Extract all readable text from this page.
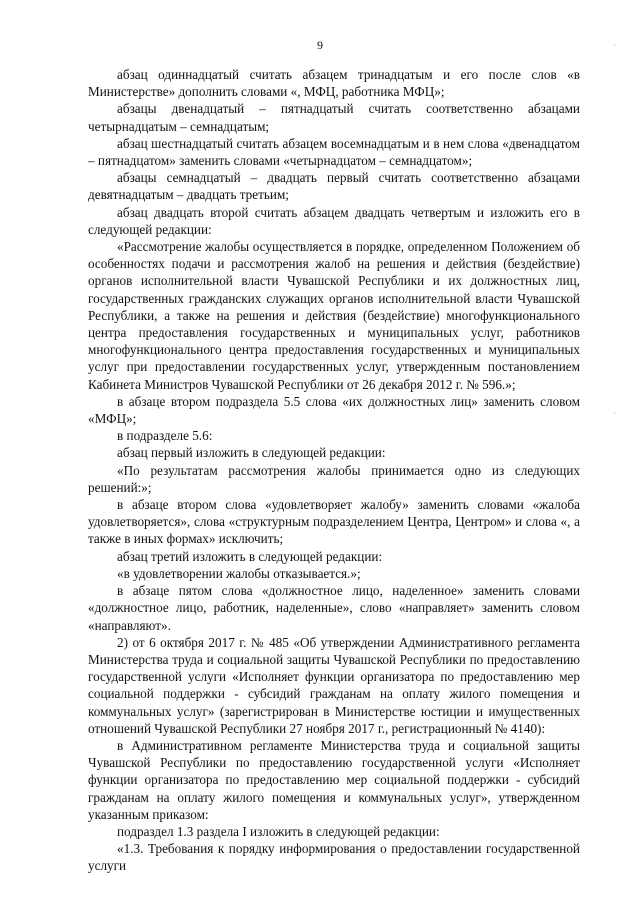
9	·
·

абзац одиннадцатый считать абзацем тринадцатым и его после слов «в Министерстве» дополнить словами «, МФЦ, работника МФЦ»;

абзацы двенадцатый – пятнадцатый считать соответственно абзацами четырнадцатым – семнадцатым;

абзац шестнадцатый считать абзацем восемнадцатым и в нем слова «двенадцатом – пятнадцатом» заменить словами «четырнадцатом – семнадцатом»;

абзацы семнадцатый – двадцать первый считать соответственно абзацами девятнадцатым – двадцать третьим;

абзац двадцать второй считать абзацем двадцать четвертым и изложить его в следующей редакции:

«Рассмотрение жалобы осуществляется в порядке, определенном Положением об особенностях подачи и рассмотрения жалоб на решения и действия (бездействие) органов исполнительной власти Чувашской Республики и их должностных лиц, государственных гражданских служащих органов исполнительной власти Чувашской Республики, а также на решения и действия (бездействие) многофункционального центра предоставления государственных и муниципальных услуг, работников многофункционального центра предоставления государственных и муниципальных услуг при предоставлении государственных услуг, утвержденным постановлением Кабинета Министров Чувашской Республики от 26 декабря 2012 г. № 596.»;

в абзаце втором подраздела 5.5 слова «их должностных лиц» заменить словом «МФЦ»;

в подразделе 5.6:

абзац первый изложить в следующей редакции:

«По результатам рассмотрения жалобы принимается одно из следующих решений:»;

в абзаце втором слова «удовлетворяет жалобу» заменить словами «жалоба удовлетворяется», слова «структурным подразделением Центра, Центром» и слова «, а также в иных формах» исключить;

абзац третий изложить в следующей редакции:

«в удовлетворении жалобы отказывается.»;

в абзаце пятом слова «должностное лицо, наделенное» заменить словами «должностное лицо, работник, наделенные», слово «направляет» заменить словом «направляют».

2) от 6 октября 2017 г. № 485 «Об утверждении Административного регламента Министерства труда и социальной защиты Чувашской Республики по предоставлению государственной услуги «Исполняет функции организатора по предоставлению мер социальной поддержки - субсидий гражданам на оплату жилого помещения и коммунальных услуг» (зарегистрирован в Министерстве юстиции и имущественных отношений Чувашской Республики 27 ноября 2017 г., регистрационный № 4140):

в Административном регламенте Министерства труда и социальной защиты Чувашской Республики по предоставлению государственной услуги «Исполняет функции организатора по предоставлению мер социальной поддержки - субсидий гражданам на оплату жилого помещения и коммунальных услуг», утвержденном указанным приказом:

подраздел 1.3 раздела I изложить в следующей редакции:

«1.3. Требования к порядку информирования о предоставлении государственной услуги
